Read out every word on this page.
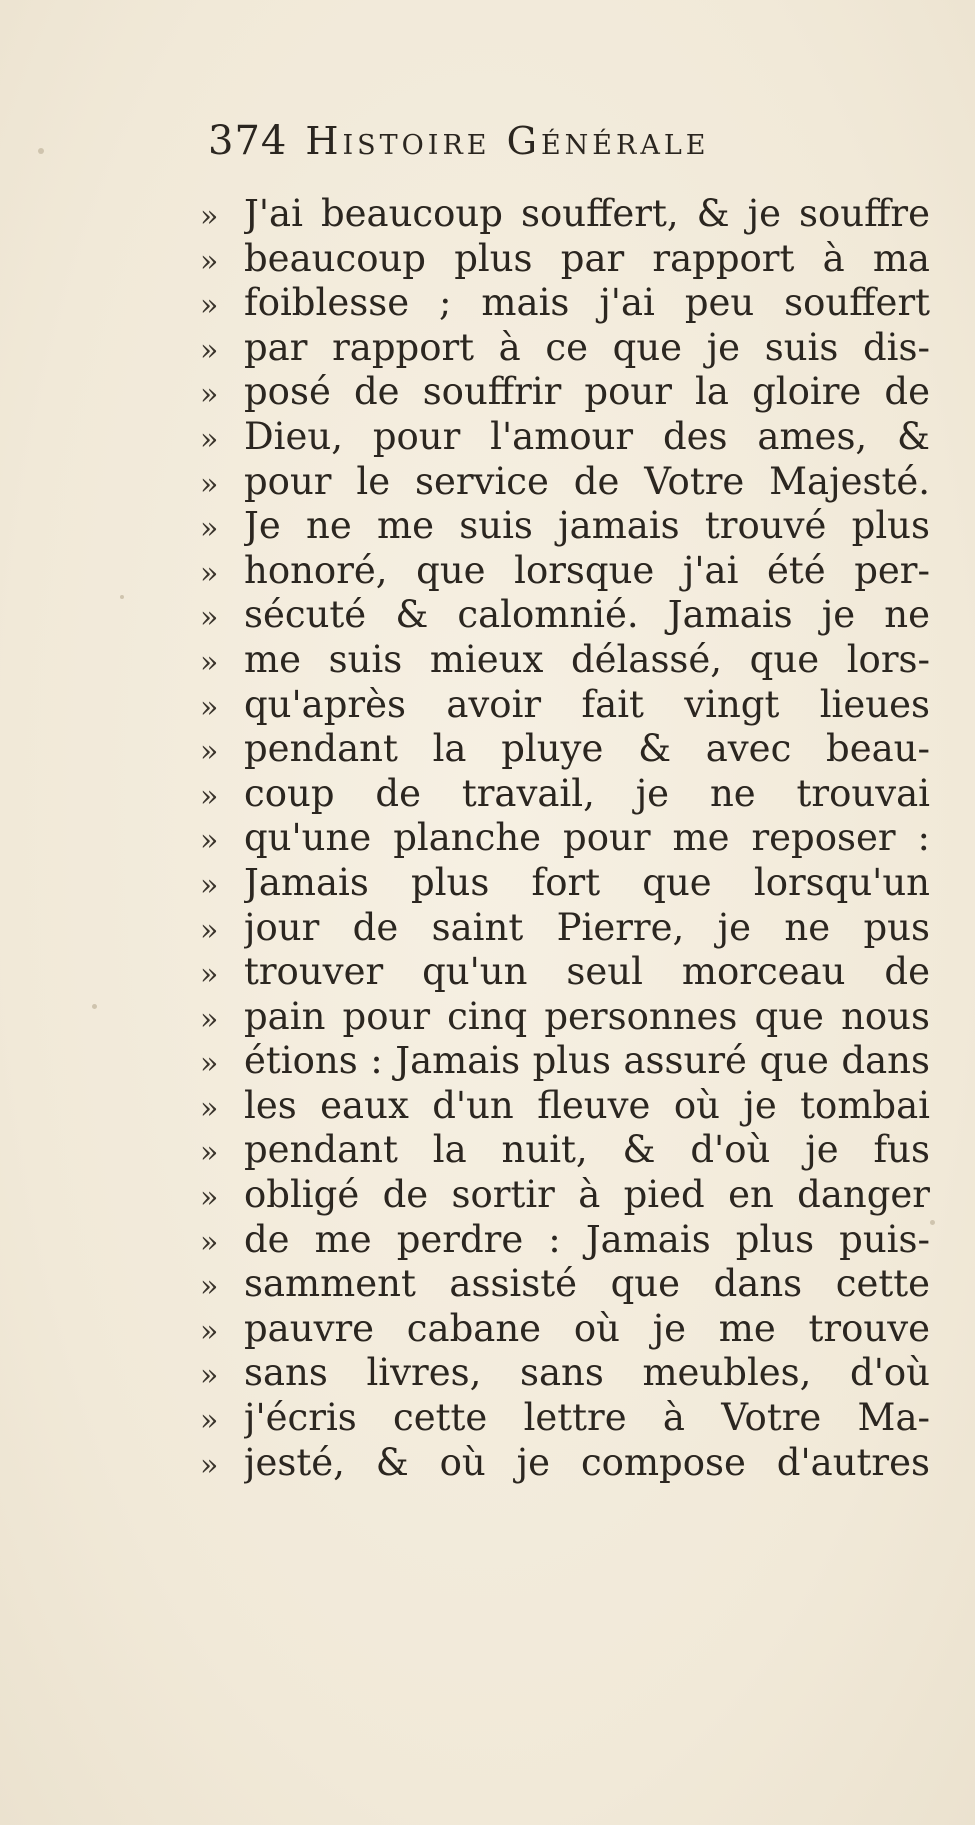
374 Histoire Générale
» J'ai beaucoup souffert, & je souffre
» beaucoup plus par rapport à ma
» foiblesse ; mais j'ai peu souffert
» par rapport à ce que je suis dis-
» posé de souffrir pour la gloire de
» Dieu, pour l'amour des ames, &
» pour le service de Votre Majesté.
» Je ne me suis jamais trouvé plus
» honoré, que lorsque j'ai été per-
» sécuté & calomnié. Jamais je ne
» me suis mieux délassé, que lors-
» qu'après avoir fait vingt lieues
» pendant la pluye & avec beau-
» coup de travail, je ne trouvai
» qu'une planche pour me reposer :
» Jamais plus fort que lorsqu'un
» jour de saint Pierre, je ne pus
» trouver qu'un seul morceau de
» pain pour cinq personnes que nous
» étions : Jamais plus assuré que dans
» les eaux d'un fleuve où je tombai
» pendant la nuit, & d'où je fus
» obligé de sortir à pied en danger
» de me perdre : Jamais plus puis-
» samment assisté que dans cette
» pauvre cabane où je me trouve
» sans livres, sans meubles, d'où
» j'écris cette lettre à Votre Ma-
» jesté, & où je compose d'autres
